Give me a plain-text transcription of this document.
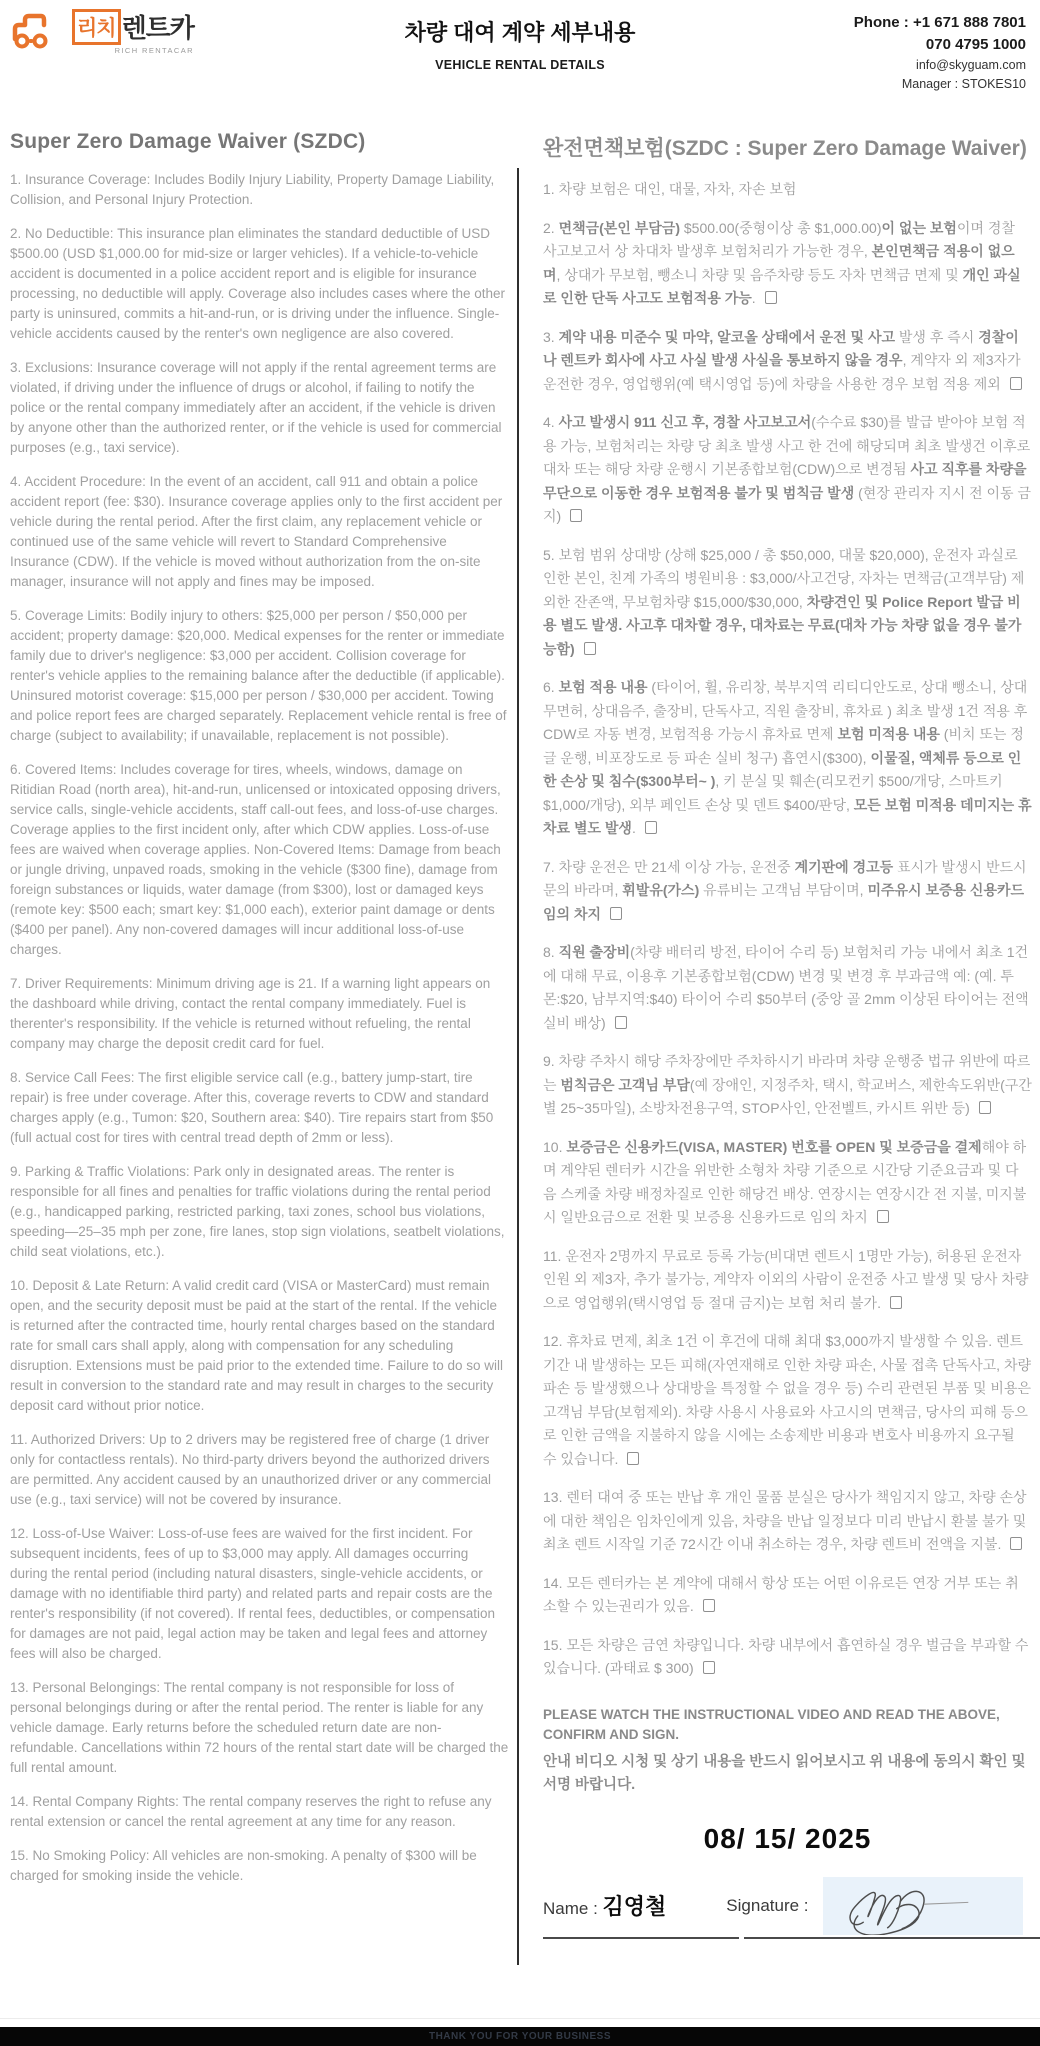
리치 렌트카
RICH RENTACAR
차량 대여 계약 세부내용
VEHICLE RENTAL DETAILS
Phone : +1 671 888 7801
070 4795 1000
info@skyguam.com
Manager : STOKES10
Super Zero Damage Waiver (SZDC)

1. Insurance Coverage: Includes Bodily Injury Liability, Property Damage Liability, Collision, and Personal Injury Protection.

2. No Deductible: This insurance plan eliminates the standard deductible of USD $500.00 (USD $1,000.00 for mid-size or larger vehicles). If a vehicle-to-vehicle accident is documented in a police accident report and is eligible for insurance processing, no deductible will apply. Coverage also includes cases where the other party is uninsured, commits a hit-and-run, or is driving under the influence. Single-vehicle accidents caused by the renter's own negligence are also covered.

3. Exclusions: Insurance coverage will not apply if the rental agreement terms are violated, if driving under the influence of drugs or alcohol, if failing to notify the police or the rental company immediately after an accident, if the vehicle is driven by anyone other than the authorized renter, or if the vehicle is used for commercial purposes (e.g., taxi service).

4. Accident Procedure: In the event of an accident, call 911 and obtain a police accident report (fee: $30). Insurance coverage applies only to the first accident per vehicle during the rental period. After the first claim, any replacement vehicle or continued use of the same vehicle will revert to Standard Comprehensive Insurance (CDW). If the vehicle is moved without authorization from the on-site manager, insurance will not apply and fines may be imposed.

5. Coverage Limits: Bodily injury to others: $25,000 per person / $50,000 per accident; property damage: $20,000. Medical expenses for the renter or immediate family due to driver's negligence: $3,000 per accident. Collision coverage for renter's vehicle applies to the remaining balance after the deductible (if applicable). Uninsured motorist coverage: $15,000 per person / $30,000 per accident. Towing and police report fees are charged separately. Replacement vehicle rental is free of charge (subject to availability; if unavailable, replacement is not possible).

6. Covered Items: Includes coverage for tires, wheels, windows, damage on Ritidian Road (north area), hit-and-run, unlicensed or intoxicated opposing drivers, service calls, single-vehicle accidents, staff call-out fees, and loss-of-use charges. Coverage applies to the first incident only, after which CDW applies. Loss-of-use fees are waived when coverage applies. Non-Covered Items: Damage from beach or jungle driving, unpaved roads, smoking in the vehicle ($300 fine), damage from foreign substances or liquids, water damage (from $300), lost or damaged keys (remote key: $500 each; smart key: $1,000 each), exterior paint damage or dents ($400 per panel). Any non-covered damages will incur additional loss-of-use charges.

7. Driver Requirements: Minimum driving age is 21. If a warning light appears on the dashboard while driving, contact the rental company immediately. Fuel is therenter's responsibility. If the vehicle is returned without refueling, the rental company may charge the deposit credit card for fuel.

8. Service Call Fees: The first eligible service call (e.g., battery jump-start, tire repair) is free under coverage. After this, coverage reverts to CDW and standard charges apply (e.g., Tumon: $20, Southern area: $40). Tire repairs start from $50 (full actual cost for tires with central tread depth of 2mm or less).

9. Parking & Traffic Violations: Park only in designated areas. The renter is responsible for all fines and penalties for traffic violations during the rental period (e.g., handicapped parking, restricted parking, taxi zones, school bus violations, speeding—25–35 mph per zone, fire lanes, stop sign violations, seatbelt violations, child seat violations, etc.).

10. Deposit & Late Return: A valid credit card (VISA or MasterCard) must remain open, and the security deposit must be paid at the start of the rental. If the vehicle is returned after the contracted time, hourly rental charges based on the standard rate for small cars shall apply, along with compensation for any scheduling disruption. Extensions must be paid prior to the extended time. Failure to do so will result in conversion to the standard rate and may result in charges to the security deposit card without prior notice.

11. Authorized Drivers: Up to 2 drivers may be registered free of charge (1 driver only for contactless rentals). No third-party drivers beyond the authorized drivers are permitted. Any accident caused by an unauthorized driver or any commercial use (e.g., taxi service) will not be covered by insurance.

12. Loss-of-Use Waiver: Loss-of-use fees are waived for the first incident. For subsequent incidents, fees of up to $3,000 may apply. All damages occurring during the rental period (including natural disasters, single-vehicle accidents, or damage with no identifiable third party) and related parts and repair costs are the renter's responsibility (if not covered). If rental fees, deductibles, or compensation for damages are not paid, legal action may be taken and legal fees and attorney fees will also be charged.

13. Personal Belongings: The rental company is not responsible for loss of personal belongings during or after the rental period. The renter is liable for any vehicle damage. Early returns before the scheduled return date are non-refundable. Cancellations within 72 hours of the rental start date will be charged the full rental amount.

14. Rental Company Rights: The rental company reserves the right to refuse any rental extension or cancel the rental agreement at any time for any reason.

15. No Smoking Policy: All vehicles are non-smoking. A penalty of $300 will be charged for smoking inside the vehicle.

완전면책보험(SZDC : Super Zero Damage Waiver)

1. 차량 보험은 대인, 대물, 자차, 자손 보험

2. 면책금(본인 부담금) $500.00(중형이상 총 $1,000.00)이 없는 보험이며 경찰 사고보고서 상 차대차 발생후 보험처리가 가능한 경우, 본인면책금 적용이 없으며, 상대가 무보험, 뺑소니 차량 및 음주차량 등도 자차 면책금 면제 및 개인 과실로 인한 단독 사고도 보험적용 가능.

3. 계약 내용 미준수 및 마약, 알코올 상태에서 운전 및 사고 발생 후 즉시 경찰이나 렌트카 회사에 사고 사실 발생 사실을 통보하지 않을 경우, 계약자 외 제3자가 운전한 경우, 영업행위(예 택시영업 등)에 차량을 사용한 경우 보험 적용 제외

4. 사고 발생시 911 신고 후, 경찰 사고보고서(수수료 $30)를 발급 받아야 보험 적용 가능, 보험처리는 차량 당 최초 발생 사고 한 건에 해당되며 최초 발생건 이후로 대차 또는 해당 차량 운행시 기본종합보험(CDW)으로 변경됨 사고 직후를 차량을 무단으로 이동한 경우 보험적용 불가 및 범칙금 발생 (현장 관리자 지시 전 이동 금지)

5. 보험 범위 상대방 (상해 $25,000 / 총 $50,000, 대물 $20,000), 운전자 과실로 인한 본인, 친계 가족의 병원비용 : $3,000/사고건당, 자차는 면책금(고객부담) 제외한 잔존액, 무보험차량 $15,000/$30,000, 차량견인 및 Police Report 발급 비용 별도 발생. 사고후 대차할 경우, 대차료는 무료(대차 가능 차량 없을 경우 불가능함)

6. 보험 적용 내용 (타이어, 휠, 유리창, 북부지역 리티디안도로, 상대 뺑소니, 상대 무면허, 상대음주, 출장비, 단독사고, 직원 출장비, 휴차료 ) 최초 발생 1건 적용 후 CDW로 자동 변경, 보험적용 가능시 휴차료 면제 보험 미적용 내용 (비치 또는 정글 운행, 비포장도로 등 파손 실비 청구) 흡연시($300), 이물질, 액체류 등으로 인한 손상 및 침수($300부터~ ), 키 분실 및 훼손(리모컨키 $500/개당, 스마트키 $1,000/개당), 외부 페인트 손상 및 덴트 $400/판당, 모든 보험 미적용 데미지는 휴차료 별도 발생.

7. 차량 운전은 만 21세 이상 가능, 운전중 계기판에 경고등 표시가 발생시 반드시 문의 바라며, 휘발유(가스) 유류비는 고객님 부담이며, 미주유시 보증용 신용카드 임의 차지

8. 직원 출장비(차량 배터리 방전, 타이어 수리 등) 보험처리 가능 내에서 최초 1건에 대해 무료, 이용후 기본종합보험(CDW) 변경 및 변경 후 부과금액 예: (예. 투몬:$20, 남부지역:$40) 타이어 수리 $50부터 (중앙 골 2mm 이상된 타이어는 전액 실비 배상)

9. 차량 주차시 해당 주차장에만 주차하시기 바라며 차량 운행중 법규 위반에 따르는 범칙금은 고객님 부담(예 장애인, 지정주차, 택시, 학교버스, 제한속도위반(구간별 25~35마일), 소방차전용구역, STOP사인, 안전벨트, 카시트 위반 등)

10. 보증금은 신용카드(VISA, MASTER) 번호를 OPEN 및 보증금을 결제해야 하며 계약된 렌터카 시간을 위반한 소형차 차량 기준으로 시간당 기준요금과 및 다음 스케줄 차량 배정차질로 인한 해당건 배상. 연장시는 연장시간 전 지불, 미지불 시 일반요금으로 전환 및 보증용 신용카드로 임의 차지

11. 운전자 2명까지 무료로 등록 가능(비대면 렌트시 1명만 가능), 허용된 운전자 인원 외 제3자, 추가 불가능, 계약자 이외의 사람이 운전중 사고 발생 및 당사 차량으로 영업행위(택시영업 등 절대 금지)는 보험 처리 불가.

12. 휴차료 면제, 최초 1건 이 후건에 대해 최대 $3,000까지 발생할 수 있음. 렌트 기간 내 발생하는 모든 피해(자연재해로 인한 차량 파손, 사물 접촉 단독사고, 차량 파손 등 발생했으나 상대방을 특정할 수 없을 경우 등) 수리 관련된 부품 및 비용은 고객님 부담(보험제외). 차량 사용시 사용료와 사고시의 면책금, 당사의 피해 등으로 인한 금액을 지불하지 않을 시에는 소송제반 비용과 변호사 비용까지 요구될 수 있습니다.

13. 렌터 대여 중 또는 반납 후 개인 물품 분실은 당사가 책임지지 않고, 차량 손상에 대한 책임은 임차인에게 있음, 차량을 반납 일정보다 미리 반납시 환불 불가 및 최초 렌트 시작일 기준 72시간 이내 취소하는 경우, 차량 렌트비 전액을 지불.

14. 모든 렌터카는 본 계약에 대해서 항상 또는 어떤 이유로든 연장 거부 또는 취소할 수 있는권리가 있음.

15. 모든 차량은 금연 차량입니다. 차량 내부에서 흡연하실 경우 벌금을 부과할 수 있습니다. (과태료 $ 300)

PLEASE WATCH THE INSTRUCTIONAL VIDEO AND READ THE ABOVE, CONFIRM AND SIGN.
안내 비디오 시청 및 상기 내용을 반드시 읽어보시고 위 내용에 동의시 확인 및 서명 바랍니다.
08/ 15/ 2025
Name : 김영철	Signature :
THANK YOU FOR YOUR BUSINESS
